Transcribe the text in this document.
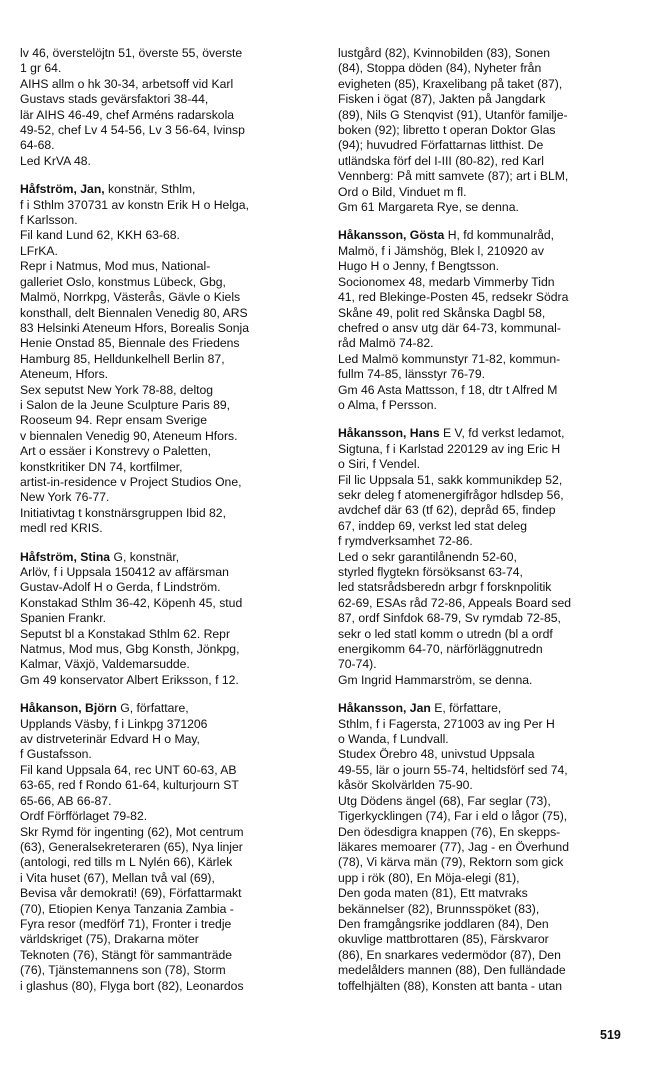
lv 46, överstelöjtn 51, överste 55, överste
1 gr 64.
AIHS allm o hk 30-34, arbetsoff vid Karl
Gustavs stads gevärsfaktori 38-44,
lär AIHS 46-49, chef Arméns radarskola
49-52, chef Lv 4 54-56, Lv 3 56-64, Ivinsp
64-68.
Led KrVA 48.
Håfström, Jan, konstnär, Sthlm,
f i Sthlm 370731 av konstn Erik H o Helga,
f Karlsson.
Fil kand Lund 62, KKH 63-68.
LFrKA.
Repr i Natmus, Mod mus, National-
galleriet Oslo, konstmus Lübeck, Gbg,
Malmö, Norrkpg, Västerås, Gävle o Kiels
konsthall, delt Biennalen Venedig 80, ARS
83 Helsinki Ateneum Hfors, Borealis Sonja
Henie Onstad 85, Biennale des Friedens
Hamburg 85, Helldunkelhell Berlin 87,
Ateneum, Hfors.
Sex seputst New York 78-88, deltog
i Salon de la Jeune Sculpture Paris 89,
Rooseum 94. Repr ensam Sverige
v biennalen Venedig 90, Ateneum Hfors.
Art o essäer i Konstrevy o Paletten,
konstkritiker DN 74, kortfilmer,
artist-in-residence v Project Studios One,
New York 76-77.
Initiativtag t konstnärsgruppen Ibid 82,
medl red KRIS.
Håfström, Stina G, konstnär,
Arlöv, f i Uppsala 150412 av affärsman
Gustav-Adolf H o Gerda, f Lindström.
Konstakad Sthlm 36-42, Köpenh 45, stud
Spanien Frankr.
Seputst bl a Konstakad Sthlm 62. Repr
Natmus, Mod mus, Gbg Konsth, Jönkpg,
Kalmar, Växjö, Valdemarsudde.
Gm 49 konservator Albert Eriksson, f 12.
Håkanson, Björn G, författare,
Upplands Väsby, f i Linkpg 371206
av distrveterinär Edvard H o May,
f Gustafsson.
Fil kand Uppsala 64, rec UNT 60-63, AB
63-65, red f Rondo 61-64, kulturjourn ST
65-66, AB 66-87.
Ordf Förfförlaget 79-82.
Skr Rymd för ingenting (62), Mot centrum
(63), Generalsekreteraren (65), Nya linjer
(antologi, red tills m L Nylén 66), Kärlek
i Vita huset (67), Mellan två val (69),
Bevisa vår demokrati! (69), Författarmakt
(70), Etiopien Kenya Tanzania Zambia -
Fyra resor (medförf 71), Fronter i tredje
världskriget (75), Drakarna möter
Teknoten (76), Stängt för sammanträde
(76), Tjänstemannens son (78), Storm
i glashus (80), Flyga bort (82), Leonardos
lustgård (82), Kvinnobilden (83), Sonen
(84), Stoppa döden (84), Nyheter från
evigheten (85), Kraxelibang på taket (87),
Fisken i ögat (87), Jakten på Jangdark
(89), Nils G Stenqvist (91), Utanför familje-
boken (92); libretto t operan Doktor Glas
(94); huvudred Författarnas litthist. De
utländska förf del I-III (80-82), red Karl
Vennberg: På mitt samvete (87); art i BLM,
Ord o Bild, Vinduet m fl.
Gm 61 Margareta Rye, se denna.
Håkansson, Gösta H, fd kommunalråd,
Malmö, f i Jämshög, Blek l, 210920 av
Hugo H o Jenny, f Bengtsson.
Socionomex 48, medarb Vimmerby Tidn
41, red Blekinge-Posten 45, redsekr Södra
Skåne 49, polit red Skånska Dagbl 58,
chefred o ansv utg där 64-73, kommunal-
råd Malmö 74-82.
Led Malmö kommunstyr 71-82, kommun-
fullm 74-85, länsstyr 76-79.
Gm 46 Asta Mattsson, f 18, dtr t Alfred M
o Alma, f Persson.
Håkansson, Hans E V, fd verkst ledamot,
Sigtuna, f i Karlstad 220129 av ing Eric H
o Siri, f Vendel.
Fil lic Uppsala 51, sakk kommunikdep 52,
sekr deleg f atomenergifrågor hdlsdep 56,
avdchef där 63 (tf 62), depråd 65, findep
67, inddep 69, verkst led stat deleg
f rymdverksamhet 72-86.
Led o sekr garantilånendn 52-60,
styrled flygtekn försöksanst 63-74,
led statsrådsberedn arbgr f forsknpolitik
62-69, ESAs råd 72-86, Appeals Board sed
87, ordf Sinfdok 68-79, Sv rymdab 72-85,
sekr o led statl komm o utredn (bl a ordf
energikomm 64-70, närförläggnutredn
70-74).
Gm Ingrid Hammarström, se denna.
Håkansson, Jan E, författare,
Sthlm, f i Fagersta, 271003 av ing Per H
o Wanda, f Lundvall.
Studex Örebro 48, univstud Uppsala
49-55, lär o journ 55-74, heltidsförf sed 74,
kåsör Skolvärlden 75-90.
Utg Dödens ängel (68), Far seglar (73),
Tigerkycklingen (74), Far i eld o lågor (75),
Den ödesdigra knappen (76), En skepps-
läkares memoarer (77), Jag - en Överhund
(78), Vi kärva män (79), Rektorn som gick
upp i rök (80), En Möja-elegi (81),
Den goda maten (81), Ett matvraks
bekännelser (82), Brunnsspöket (83),
Den framgångsrike joddlaren (84), Den
okuvlige mattbrottaren (85), Färskvaror
(86), En snarkares vedermödor (87), Den
medelålders mannen (88), Den fulländade
toffelhjälten (88), Konsten att banta - utan
519
